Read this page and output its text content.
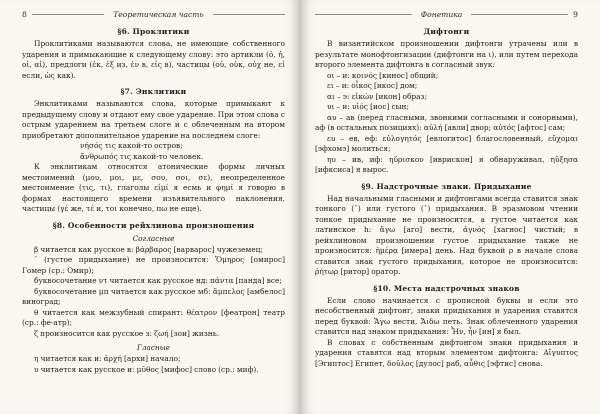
8	Теоретическая часть
§6. Проклитики

Проклитиками называются слова, не имеющие собственного ударения и примыкающие к следующему слову: это артикли (ὁ, ἡ, οἱ, αἱ), предлоги (ἐκ, ἐξ из, ἐν в, εἰς в), частицы (οὐ, οὐκ, οὐχ не, εἰ если, ὡς как).

§7. Энклитики

Энклитиками называются слова, которые примыкают к предыдущему слову и отдают ему свое ударение. При этом слова с острым ударением на третьем слоге и с облеченным на втором приобретают дополнительное ударение на последнем слоге:

νήσός τις какой-то остров;

ἄνθρωπός τις какой-то человек.

К энклитикам относятся атонические формы личных местоимений (μου, μοι, με, σου, σοι, σε), неопределенное местоимение (τις, τι), глаголы εἰμί я есмь и φημί я говорю в формах настоящего времени изъявительного наклонения, частицы (γέ же, τέ и, τοι конечно, πω не еще).

§8. Особенности рейхлинова произношения
Согласные

β читается как русское в: βάρβαρος [варварос] чужеземец;

῾ (густое придыхание) не произносится: Ὅμηρος [омирос] Гомер (ср.: Омир);

буквосочетание ντ читается как русское нд: πάντα [панда] все;

буквосочетание μπ читается как русское мб: ἄμπελος [амбелос] виноград;

θ читается как межзубный спирант: θέατρον [феатрон] театр (ср.: фе-атр);

ζ произносится как русское з: ζωή [зои] жизнь.

Гласные

η читается как и: ἀρχή [архи] начало;

υ читается как русское и: μῦθος [мифос] слово (ср.: миф).

Фонетика	9
Дифтонги

В византийском произношении дифтонги утрачены или в результате монофтонгизации (дифтонги на ι), или путем перехода второго элемента дифтонга в согласный звук:

οι – и: κοινός [кинос] общий;

ει – и: οἶκος [икос] дом;

αι – э: εἰκών [икон] образ;

υι – и: υἱός [иос] сын;

αυ – ав (перед гласными, звонкими согласными и сонорными), аф (в остальных позициях): αὐλή [авли] двор; αὐτός [афтос] сам;

ευ – ев, еф: εὐλογητός [евлогитос] благословенный, εὔχομαι [эфхомэ] молиться;

ηυ – ив, иф: ηὕρισκον [иврискон] я обнаруживал, ηὔξησα [ифксиса] я вырос.

§9. Надстрочные знаки. Придыхание

Над начальными гласными и дифтонгами всегда ставится знак тонкого (᾿) или густого (῾) придыхания. В эразмовом чтении тонкое придыхание не произносится, а густое читается как латинское h: ἄγω [аго] вести, ἁγνός [хагнос] чистый; в рейхлиновом произношении густое придыхание также не произносится: ἡμέρα [имера] день. Над буквой ρ в начале слова ставится знак густого придыхания, которое не произносится: ῥήτωρ [ритор] оратор.

§10. Места надстрочных знаков

Если слово начинается с прописной буквы и если это несобственный дифтонг, знаки придыхания и ударения ставятся перед буквой: Ἄγω вести, Ἄιδω петь. Знак облеченного ударения ставится над знаком придыхания: Ἦν, ἦν [ин] я был.

В словах с собственным дифтонгом знаки придыхания и ударения ставятся над вторым элементом дифтонга: Αἴγυπτος [Эгиптос] Египет, δοῦλος [дулос] раб, αὖθις [эфтис] снова.
